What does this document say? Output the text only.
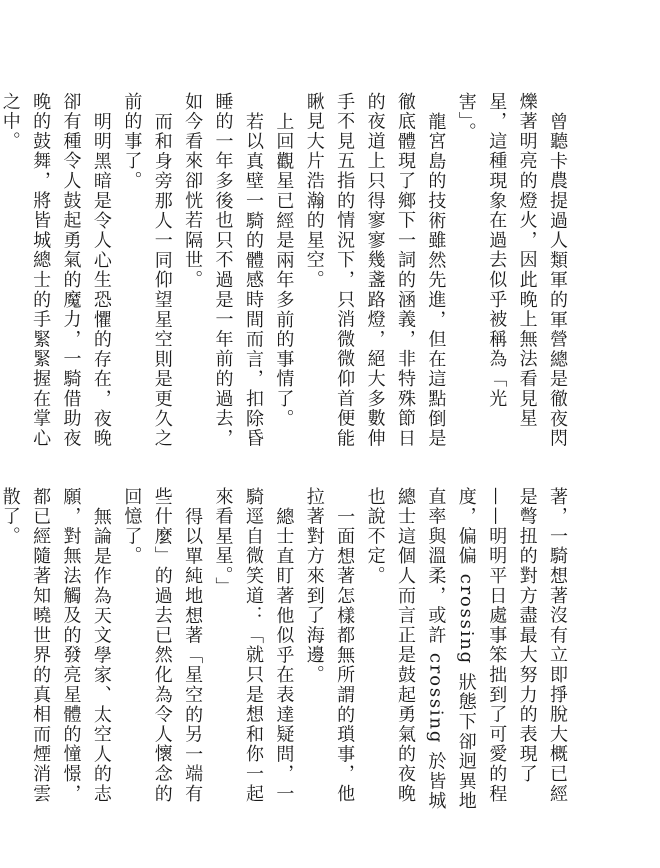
曾聽卡農提過人類軍的軍營總是徹夜閃爍著明亮的燈火，因此晚上無法看見星星，這種現象在過去似乎被稱為「光害」。

龍宮島的技術雖然先進，但在這點倒是徹底體現了鄉下一詞的涵義，非特殊節日的夜道上只得寥寥幾盞路燈，絕大多數伸手不見五指的情況下，只消微微仰首便能瞅見大片浩瀚的星空。

上回觀星已經是兩年多前的事情了。

若以真壁一騎的體感時間而言，扣除昏睡的一年多後也只不過是一年前的過去，如今看來卻恍若隔世。

而和身旁那人一同仰望星空則是更久之前的事了。

明明黑暗是令人心生恐懼的存在，夜晚卻有種令人鼓起勇氣的魔力，一騎借助夜晚的鼓舞，將皆城總士的手緊緊握在掌心之中。

著，一騎想著沒有立即掙脫大概已經是彆扭的對方盡最大努力的表現了——明明平日處事笨拙到了可愛的程度，偏偏 crossing 狀態下卻迥異地直率與溫柔，或許 crossing 於皆城總士這個人而言正是鼓起勇氣的夜晚也說不定。

一面想著怎樣都無所謂的瑣事，他拉著對方來到了海邊。

總士直盯著他似乎在表達疑問，一騎逕自微笑道：「就只是想和你一起來看星星。」

得以單純地想著「星空的另一端有些什麼」的過去已然化為令人懷念的回憶了。

無論是作為天文學家、太空人的志願，對無法觸及的發亮星體的憧憬，都已經隨著知曉世界的真相而煙消雲散了。
